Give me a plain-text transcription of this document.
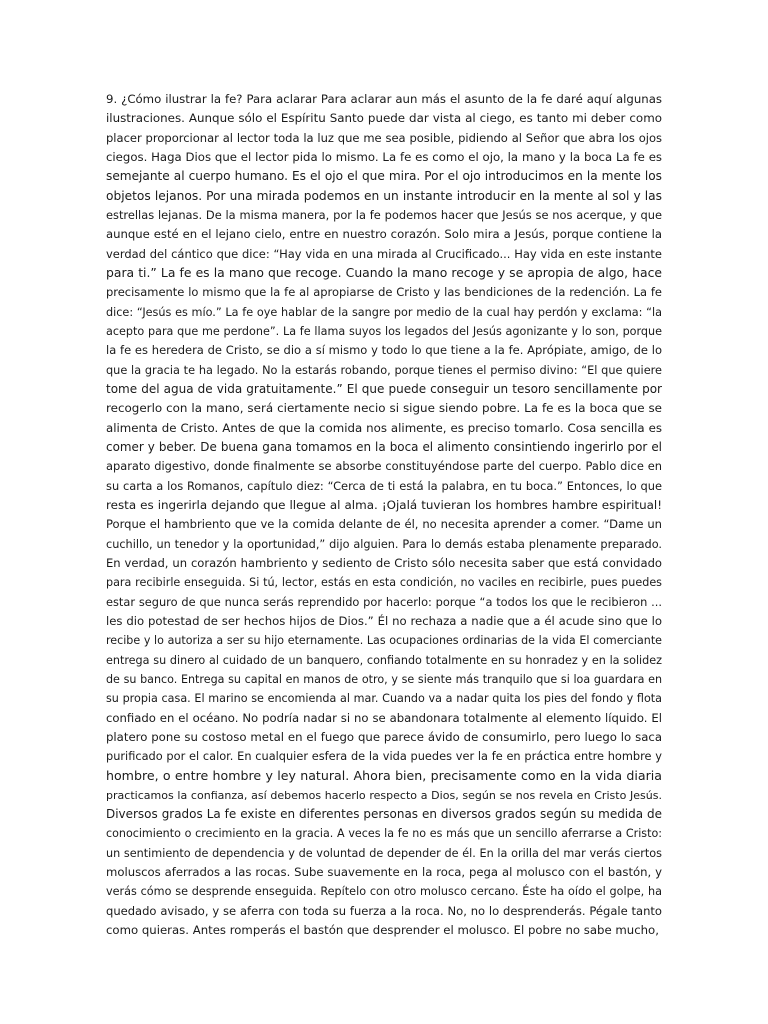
9. ¿Cómo ilustrar la fe? Para aclarar Para aclarar aun más el asunto de la fe daré aquí algunas
ilustraciones. Aunque sólo el Espíritu Santo puede dar vista al ciego, es tanto mi deber como
placer proporcionar al lector toda la luz que me sea posible, pidiendo al Señor que abra los ojos
ciegos. Haga Dios que el lector pida lo mismo. La fe es como el ojo, la mano y la boca La fe es
semejante al cuerpo humano. Es el ojo el que mira. Por el ojo introducimos en la mente los
objetos lejanos. Por una mirada podemos en un instante introducir en la mente al sol y las
estrellas lejanas. De la misma manera, por la fe podemos hacer que Jesús se nos acerque, y que
aunque esté en el lejano cielo, entre en nuestro corazón. Solo mira a Jesús, porque contiene la
verdad del cántico que dice: “Hay vida en una mirada al Crucificado... Hay vida en este instante
para ti.” La fe es la mano que recoge. Cuando la mano recoge y se apropia de algo, hace
precisamente lo mismo que la fe al apropiarse de Cristo y las bendiciones de la redención. La fe
dice: “Jesús es mío.” La fe oye hablar de la sangre por medio de la cual hay perdón y exclama: “la
acepto para que me perdone”. La fe llama suyos los legados del Jesús agonizante y lo son, porque
la fe es heredera de Cristo, se dio a sí mismo y todo lo que tiene a la fe. Aprópiate, amigo, de lo
que la gracia te ha legado. No la estarás robando, porque tienes el permiso divino: “El que quiere
tome del agua de vida gratuitamente.” El que puede conseguir un tesoro sencillamente por
recogerlo con la mano, será ciertamente necio si sigue siendo pobre. La fe es la boca que se
alimenta de Cristo. Antes de que la comida nos alimente, es preciso tomarlo. Cosa sencilla es
comer y beber. De buena gana tomamos en la boca el alimento consintiendo ingerirlo por el
aparato digestivo, donde finalmente se absorbe constituyéndose parte del cuerpo. Pablo dice en
su carta a los Romanos, capítulo diez: “Cerca de ti está la palabra, en tu boca.” Entonces, lo que
resta es ingerirla dejando que llegue al alma. ¡Ojalá tuvieran los hombres hambre espiritual!
Porque el hambriento que ve la comida delante de él, no necesita aprender a comer. “Dame un
cuchillo, un tenedor y la oportunidad,” dijo alguien. Para lo demás estaba plenamente preparado.
En verdad, un corazón hambriento y sediento de Cristo sólo necesita saber que está convidado
para recibirle enseguida. Si tú, lector, estás en esta condición, no vaciles en recibirle, pues puedes
estar seguro de que nunca serás reprendido por hacerlo: porque “a todos los que le recibieron ...
les dio potestad de ser hechos hijos de Dios.” Él no rechaza a nadie que a él acude sino que lo
recibe y lo autoriza a ser su hijo eternamente. Las ocupaciones ordinarias de la vida El comerciante
entrega su dinero al cuidado de un banquero, confiando totalmente en su honradez y en la solidez
de su banco. Entrega su capital en manos de otro, y se siente más tranquilo que si loa guardara en
su propia casa. El marino se encomienda al mar. Cuando va a nadar quita los pies del fondo y flota
confiado en el océano. No podría nadar si no se abandonara totalmente al elemento líquido. El
platero pone su costoso metal en el fuego que parece ávido de consumirlo, pero luego lo saca
purificado por el calor. En cualquier esfera de la vida puedes ver la fe en práctica entre hombre y
hombre, o entre hombre y ley natural. Ahora bien, precisamente como en la vida diaria
practicamos la confianza, así debemos hacerlo respecto a Dios, según se nos revela en Cristo Jesús.
Diversos grados La fe existe en diferentes personas en diversos grados según su medida de
conocimiento o crecimiento en la gracia. A veces la fe no es más que un sencillo aferrarse a Cristo:
un sentimiento de dependencia y de voluntad de depender de él. En la orilla del mar verás ciertos
moluscos aferrados a las rocas. Sube suavemente en la roca, pega al molusco con el bastón, y
verás cómo se desprende enseguida. Repítelo con otro molusco cercano. Éste ha oído el golpe, ha
quedado avisado, y se aferra con toda su fuerza a la roca. No, no lo desprenderás. Pégale tanto
como quieras. Antes romperás el bastón que desprender el molusco. El pobre no sabe mucho,
